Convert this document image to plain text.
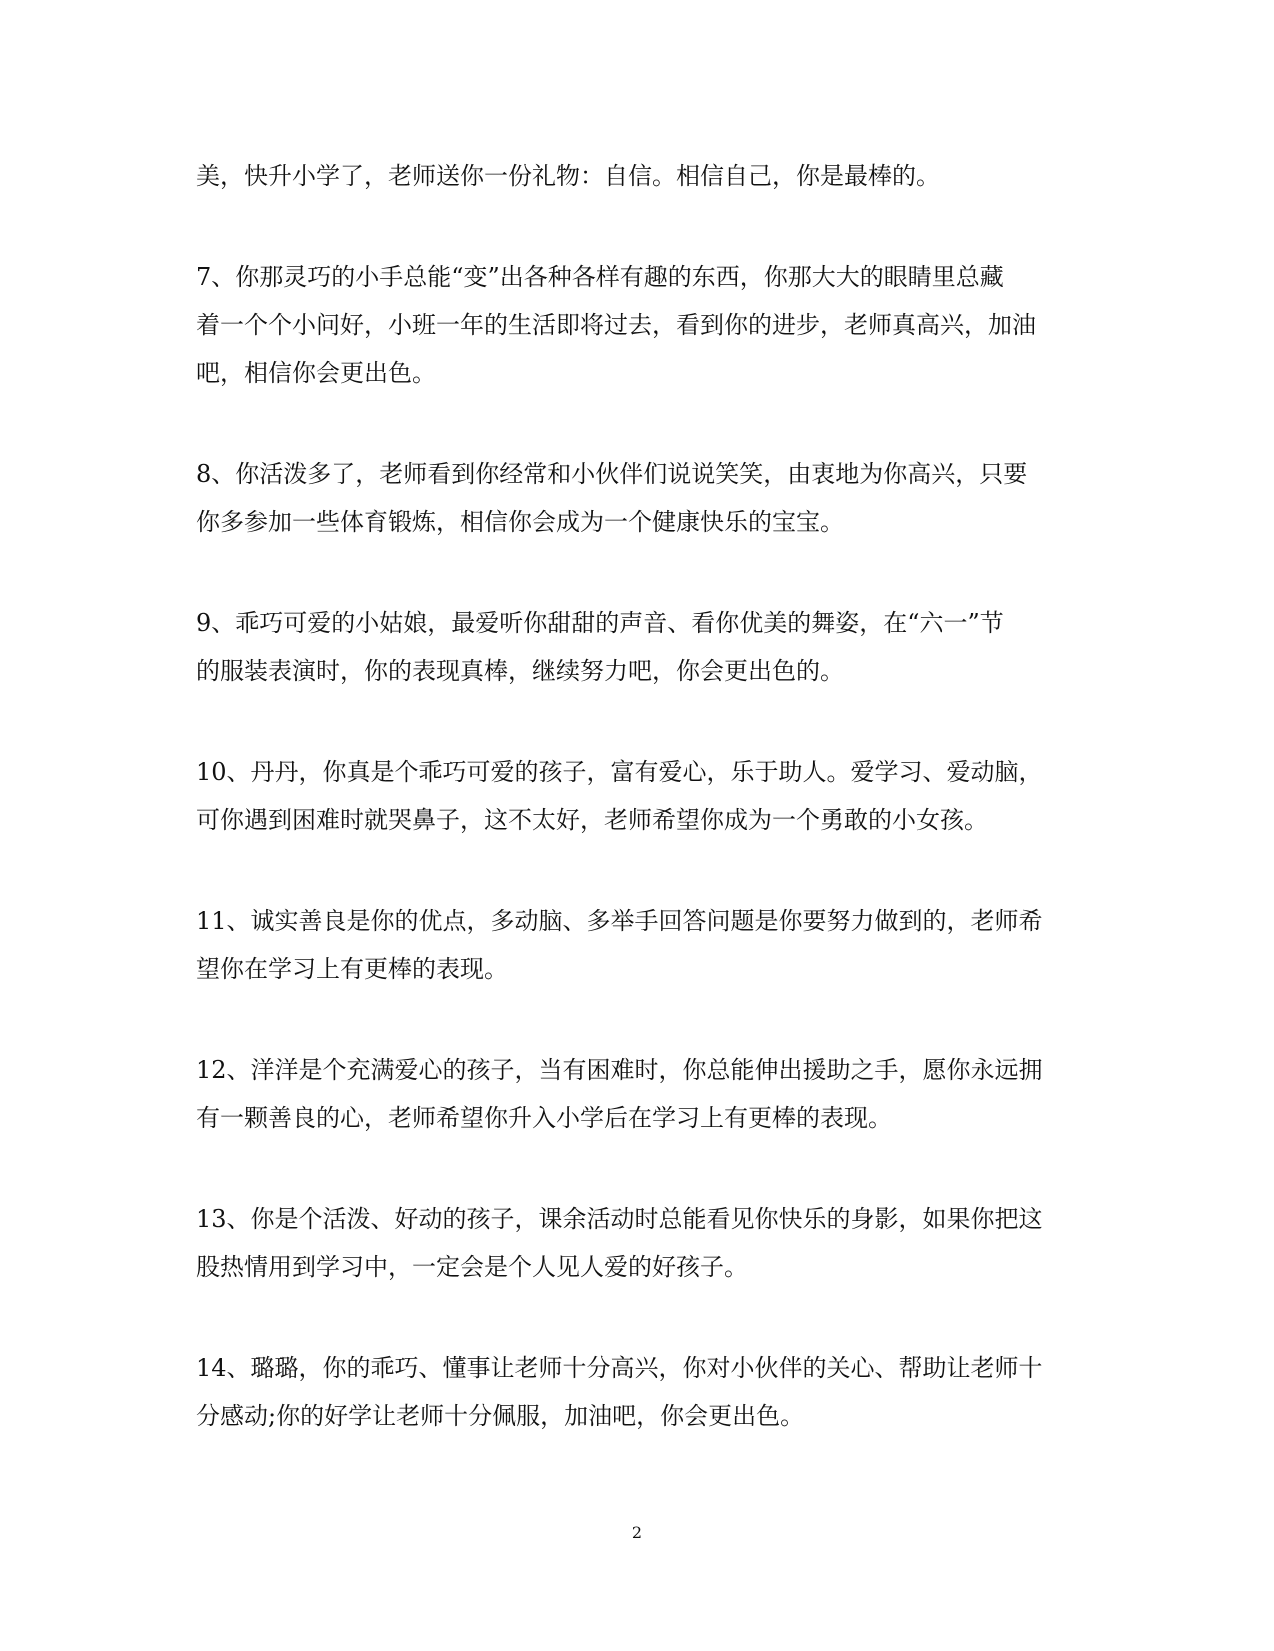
美，快升小学了，老师送你一份礼物：自信。相信自己，你是最棒的。

7、你那灵巧的小手总能“变”出各种各样有趣的东西，你那大大的眼睛里总藏
着一个个小问好，小班一年的生活即将过去，看到你的进步，老师真高兴，加油
吧，相信你会更出色。

8、你活泼多了，老师看到你经常和小伙伴们说说笑笑，由衷地为你高兴，只要
你多参加一些体育锻炼，相信你会成为一个健康快乐的宝宝。

9、乖巧可爱的小姑娘，最爱听你甜甜的声音、看你优美的舞姿，在“六一”节
的服装表演时，你的表现真棒，继续努力吧，你会更出色的。

10、丹丹，你真是个乖巧可爱的孩子，富有爱心，乐于助人。爱学习、爱动脑，
可你遇到困难时就哭鼻子，这不太好，老师希望你成为一个勇敢的小女孩。

11、诚实善良是你的优点，多动脑、多举手回答问题是你要努力做到的，老师希
望你在学习上有更棒的表现。

12、洋洋是个充满爱心的孩子，当有困难时，你总能伸出援助之手，愿你永远拥
有一颗善良的心，老师希望你升入小学后在学习上有更棒的表现。

13、你是个活泼、好动的孩子，课余活动时总能看见你快乐的身影，如果你把这
股热情用到学习中，一定会是个人见人爱的好孩子。

14、璐璐，你的乖巧、懂事让老师十分高兴，你对小伙伴的关心、帮助让老师十
分感动;你的好学让老师十分佩服，加油吧，你会更出色。

2
